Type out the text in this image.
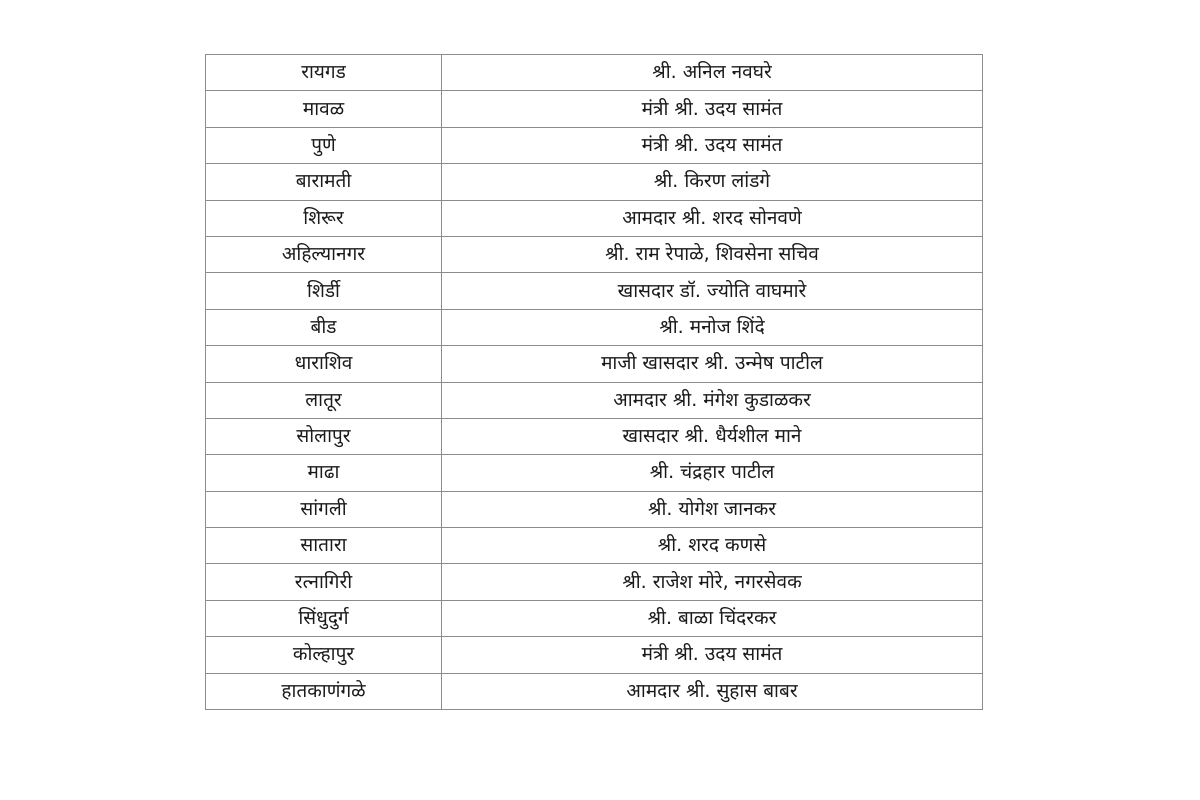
रायगड	श्री. अनिल नवघरे
मावळ	मंत्री श्री. उदय सामंत
पुणे	मंत्री श्री. उदय सामंत
बारामती	श्री. किरण लांडगे
शिरूर	आमदार श्री. शरद सोनवणे
अहिल्यानगर	श्री. राम रेपाळे, शिवसेना सचिव
शिर्डी	खासदार डॉ. ज्योति वाघमारे
बीड	श्री. मनोज शिंदे
धाराशिव	माजी खासदार श्री. उन्मेष पाटील
लातूर	आमदार श्री. मंगेश कुडाळकर
सोलापुर	खासदार श्री. धैर्यशील माने
माढा	श्री. चंद्रहार पाटील
सांगली	श्री. योगेश जानकर
सातारा	श्री. शरद कणसे
रत्नागिरी	श्री. राजेश मोरे, नगरसेवक
सिंधुदुर्ग	श्री. बाळा चिंदरकर
कोल्हापुर	मंत्री श्री. उदय सामंत
हातकाणंगळे	आमदार श्री. सुहास बाबर
